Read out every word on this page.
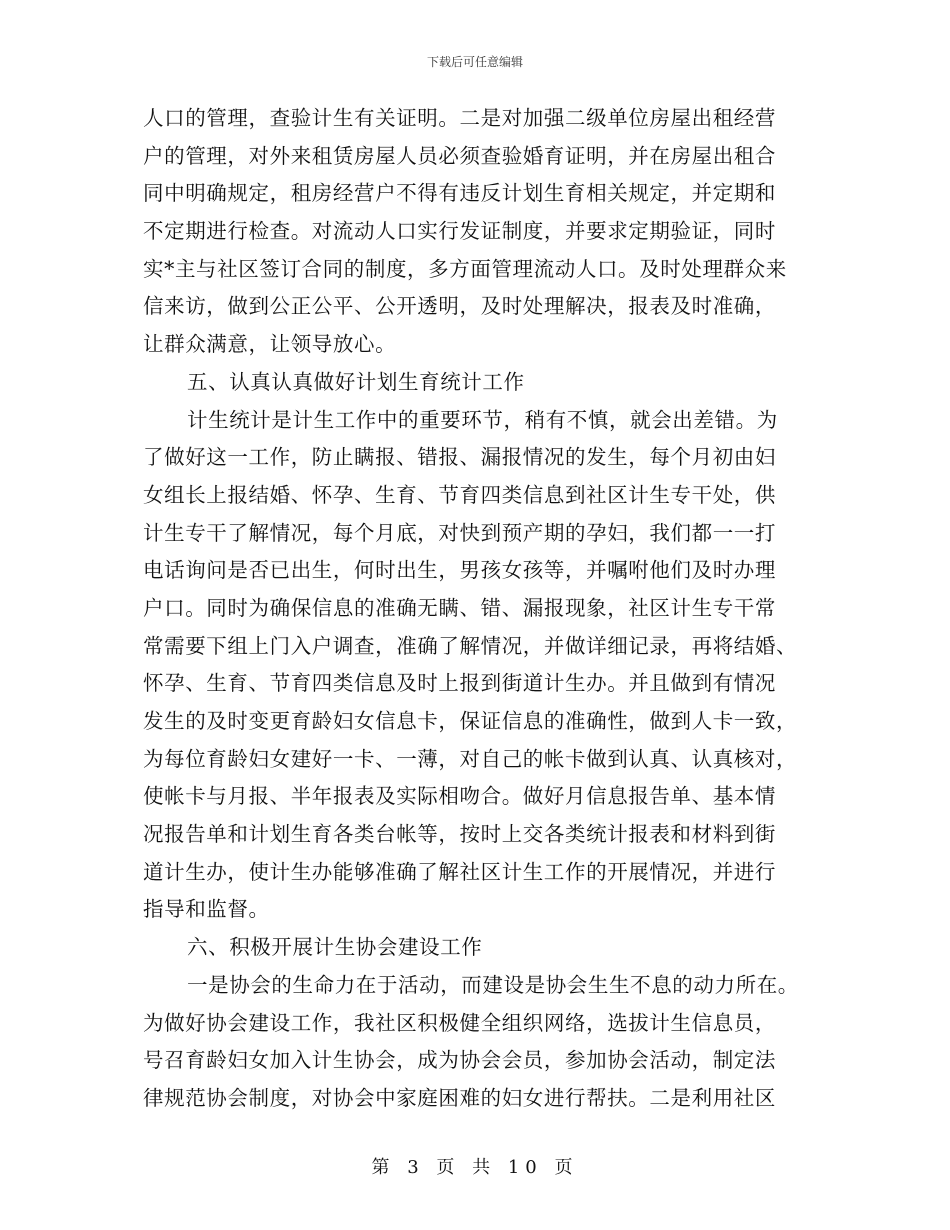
下载后可任意编辑
人口的管理，查验计生有关证明。二是对加强二级单位房屋出租经营
户的管理，对外来租赁房屋人员必须查验婚育证明，并在房屋出租合
同中明确规定，租房经营户不得有违反计划生育相关规定，并定期和
不定期进行检查。对流动人口实行发证制度，并要求定期验证，同时
实*主与社区签订合同的制度，多方面管理流动人口。及时处理群众来
信来访，做到公正公平、公开透明，及时处理解决，报表及时准确，
让群众满意，让领导放心。
五、认真认真做好计划生育统计工作
计生统计是计生工作中的重要环节，稍有不慎，就会出差错。为
了做好这一工作，防止瞒报、错报、漏报情况的发生，每个月初由妇
女组长上报结婚、怀孕、生育、节育四类信息到社区计生专干处，供
计生专干了解情况，每个月底，对快到预产期的孕妇，我们都一一打
电话询问是否已出生，何时出生，男孩女孩等，并嘱咐他们及时办理
户口。同时为确保信息的准确无瞒、错、漏报现象，社区计生专干常
常需要下组上门入户调查，准确了解情况，并做详细记录，再将结婚、
怀孕、生育、节育四类信息及时上报到街道计生办。并且做到有情况
发生的及时变更育龄妇女信息卡，保证信息的准确性，做到人卡一致，
为每位育龄妇女建好一卡、一薄，对自己的帐卡做到认真、认真核对，
使帐卡与月报、半年报表及实际相吻合。做好月信息报告单、基本情
况报告单和计划生育各类台帐等，按时上交各类统计报表和材料到街
道计生办，使计生办能够准确了解社区计生工作的开展情况，并进行
指导和监督。
六、积极开展计生协会建设工作
一是协会的生命力在于活动，而建设是协会生生不息的动力所在。
为做好协会建设工作，我社区积极健全组织网络，选拔计生信息员，
号召育龄妇女加入计生协会，成为协会会员，参加协会活动，制定法
律规范协会制度，对协会中家庭困难的妇女进行帮扶。二是利用社区
第 3 页 共 10 页
